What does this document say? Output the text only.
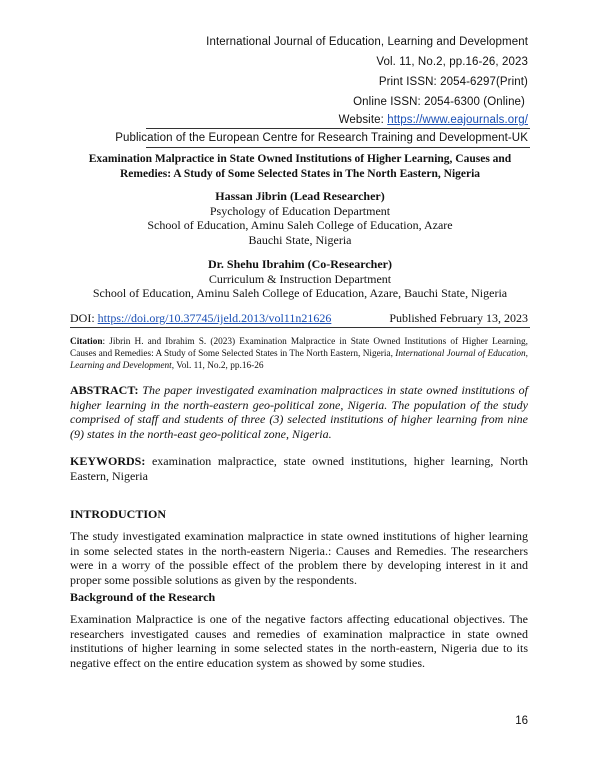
International Journal of Education, Learning and Development
Vol. 11, No.2, pp.16-26, 2023
Print ISSN: 2054-6297(Print)
Online ISSN: 2054-6300 (Online)
Website: https://www.eajournals.org/
Publication of the European Centre for Research Training and Development-UK
Examination Malpractice in State Owned Institutions of Higher Learning, Causes and
Remedies: A Study of Some Selected States in The North Eastern, Nigeria
Hassan Jibrin (Lead Researcher)
Psychology of Education Department
School of Education, Aminu Saleh College of Education, Azare
Bauchi State, Nigeria
Dr. Shehu Ibrahim (Co-Researcher)
Curriculum & Instruction Department
School of Education, Aminu Saleh College of Education, Azare, Bauchi State, Nigeria
DOI: https://doi.org/10.37745/ijeld.2013/vol11n21626	Published February 13, 2023
Citation: Jibrin H. and Ibrahim S. (2023) Examination Malpractice in State Owned Institutions of Higher Learning, Causes and Remedies: A Study of Some Selected States in The North Eastern, Nigeria, International Journal of Education, Learning and Development, Vol. 11, No.2, pp.16-26
ABSTRACT: The paper investigated examination malpractices in state owned institutions of higher learning in the north-eastern geo-political zone, Nigeria. The population of the study comprised of staff and students of three (3) selected institutions of higher learning from nine (9) states in the north-east geo-political zone, Nigeria.
KEYWORDS: examination malpractice, state owned institutions, higher learning, North Eastern, Nigeria
INTRODUCTION
The study investigated examination malpractice in state owned institutions of higher learning in some selected states in the north-eastern Nigeria.: Causes and Remedies. The researchers were in a worry of the possible effect of the problem there by developing interest in it and proper some possible solutions as given by the respondents.
Background of the Research
Examination Malpractice is one of the negative factors affecting educational objectives. The researchers investigated causes and remedies of examination malpractice in state owned institutions of higher learning in some selected states in the north-eastern, Nigeria due to its negative effect on the entire education system as showed by some studies.
16
